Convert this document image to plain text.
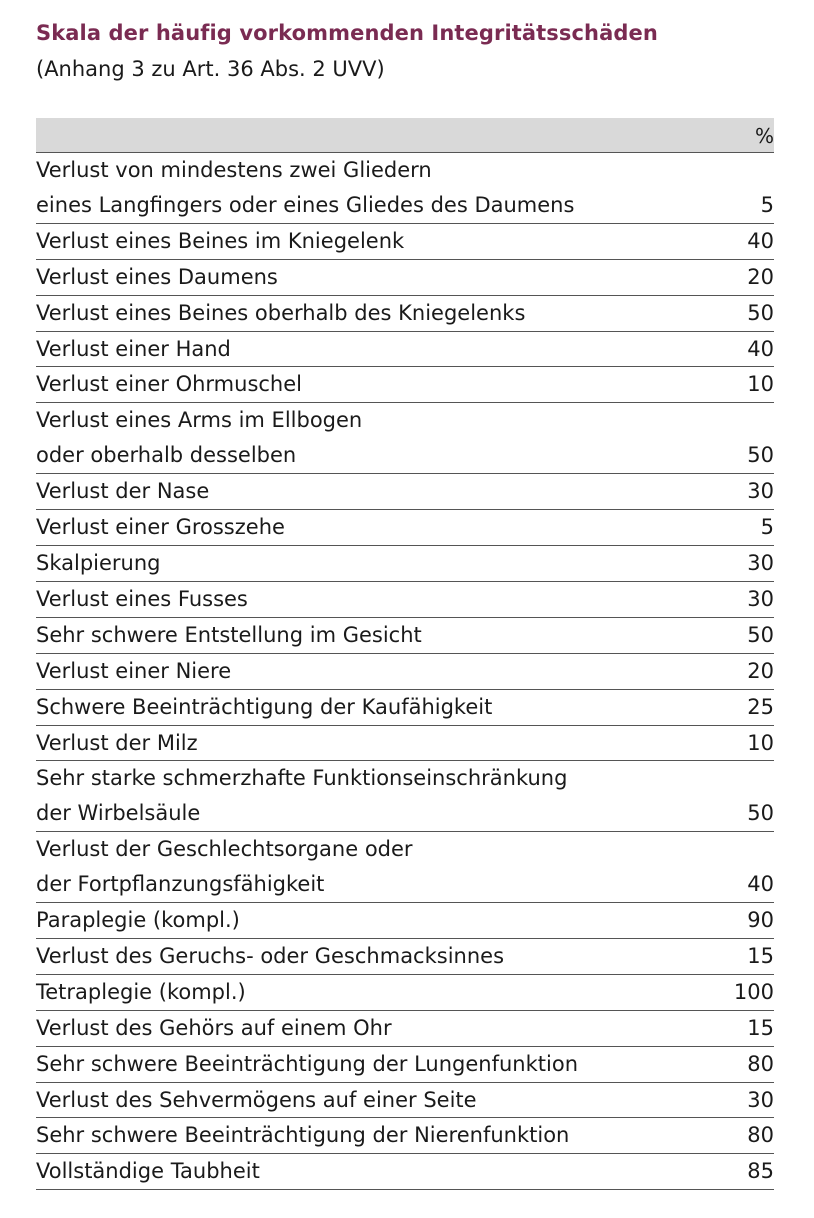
Skala der häufig vorkommenden Integritätsschäden
(Anhang 3 zu Art. 36 Abs. 2 UVV)
%
Verlust von mindestens zwei Gliedern
eines Langfingers oder eines Gliedes des Daumens	5
Verlust eines Beines im Kniegelenk	40
Verlust eines Daumens	20
Verlust eines Beines oberhalb des Kniegelenks	50
Verlust einer Hand	40
Verlust einer Ohrmuschel	10
Verlust eines Arms im Ellbogen
oder oberhalb desselben	50
Verlust der Nase	30
Verlust einer Grosszehe	5
Skalpierung	30
Verlust eines Fusses	30
Sehr schwere Entstellung im Gesicht	50
Verlust einer Niere	20
Schwere Beeinträchtigung der Kaufähigkeit	25
Verlust der Milz	10
Sehr starke schmerzhafte Funktionseinschränkung
der Wirbelsäule	50
Verlust der Geschlechtsorgane oder
der Fortpflanzungsfähigkeit	40
Paraplegie (kompl.)	90
Verlust des Geruchs- oder Geschmacksinnes	15
Tetraplegie (kompl.)	100
Verlust des Gehörs auf einem Ohr	15
Sehr schwere Beeinträchtigung der Lungenfunktion	80
Verlust des Sehvermögens auf einer Seite	30
Sehr schwere Beeinträchtigung der Nierenfunktion	80
Vollständige Taubheit	85
